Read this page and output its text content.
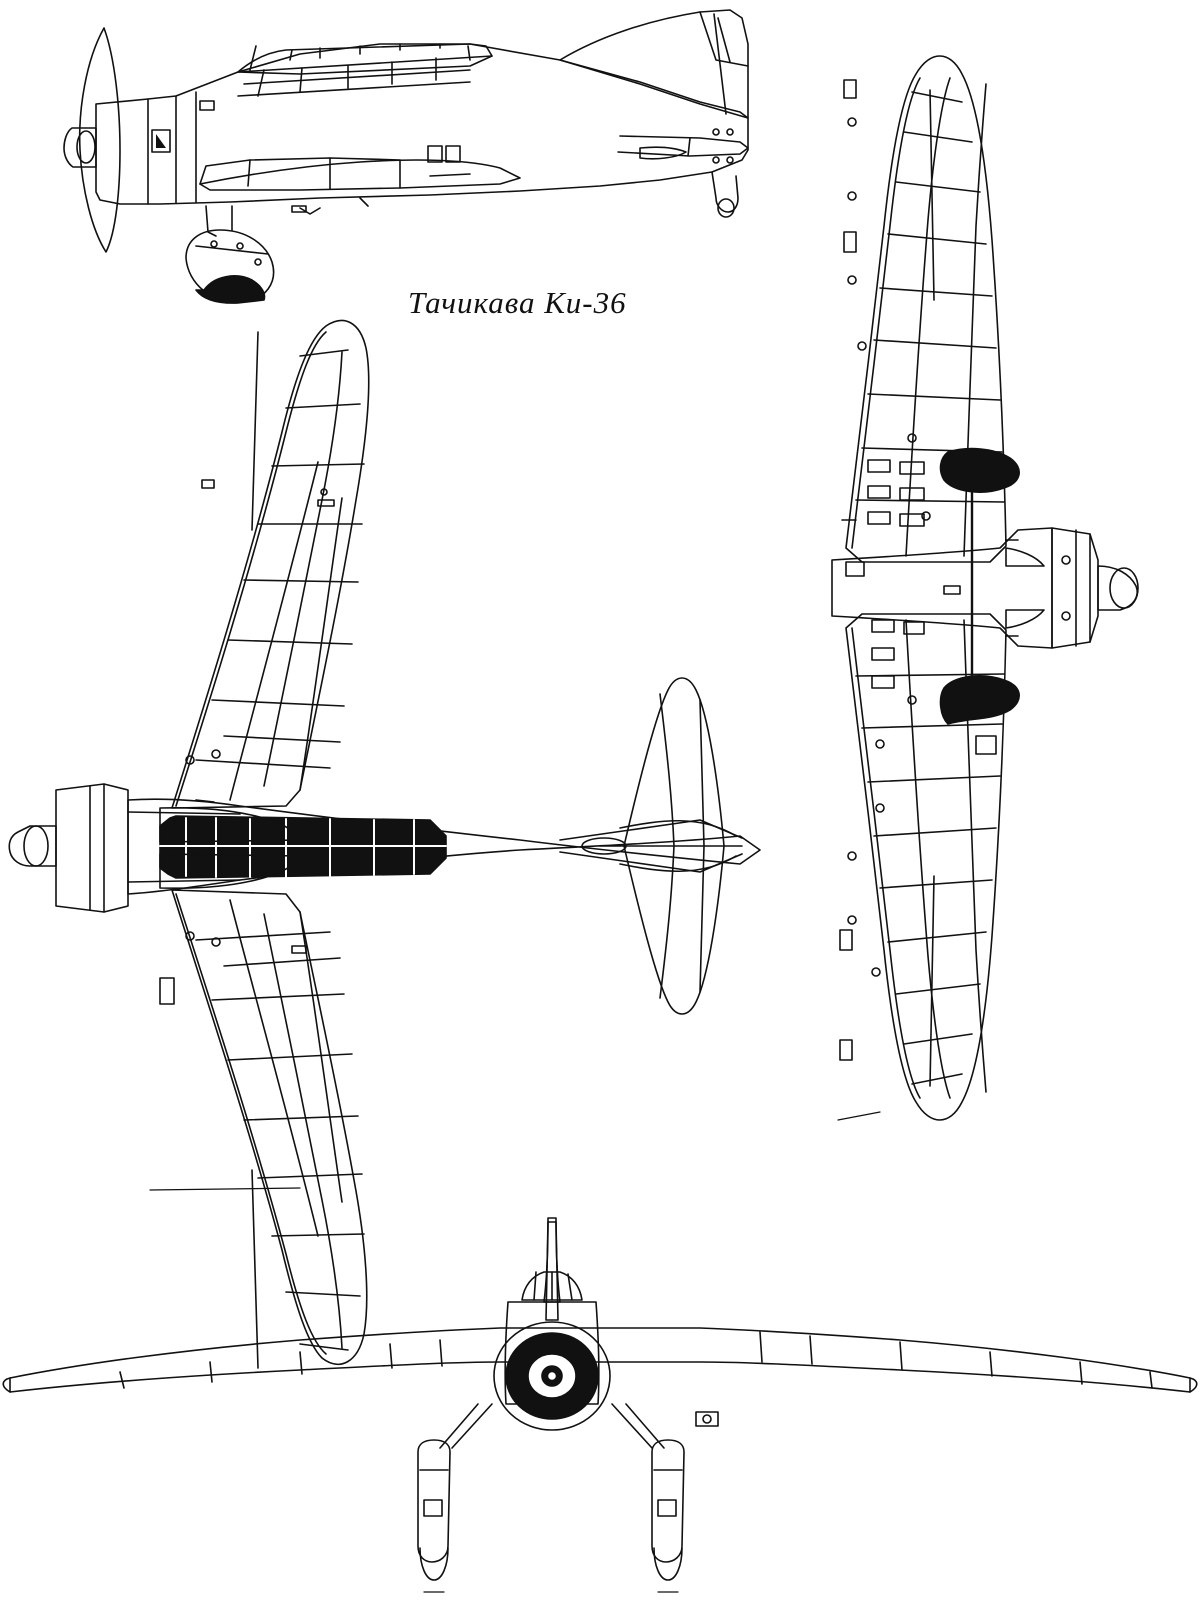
Тачикава Ки-36
